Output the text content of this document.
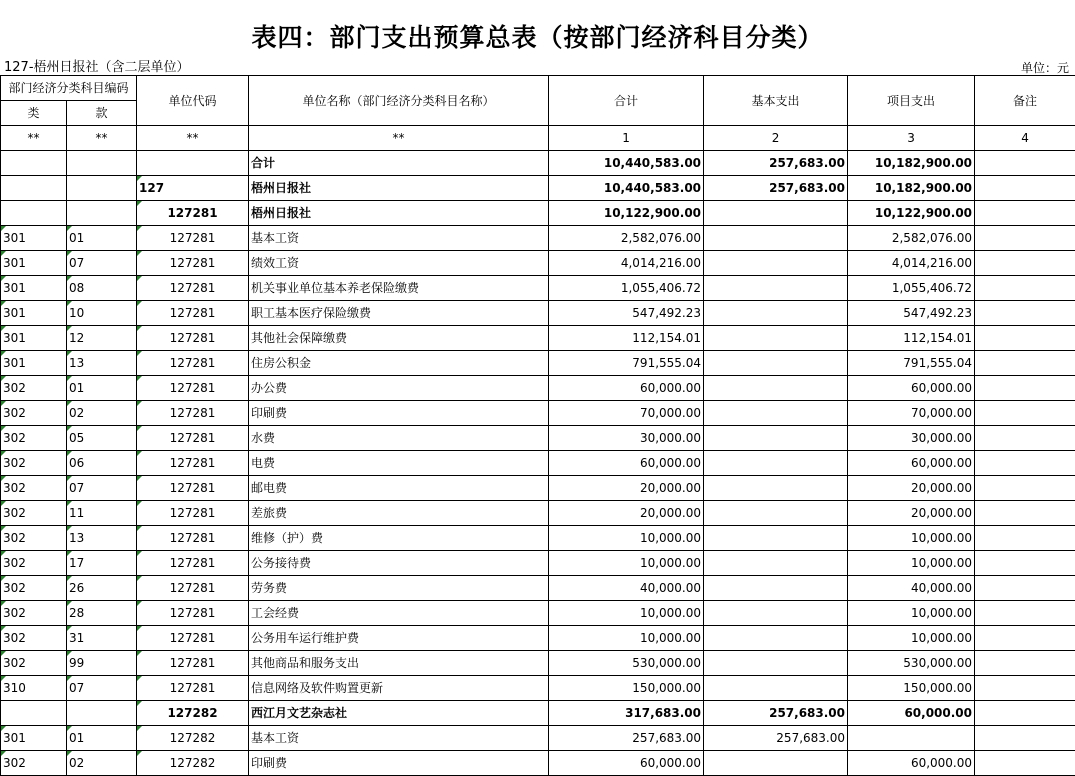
表四：部门支出预算总表（按部门经济科目分类）
127-梧州日报社（含二层单位）	单位：元
部门经济分类科目编码		单位代码	单位名称（部门经济分类科目名称）	合计	基本支出	项目支出	备注
类	款						
**	**	**	**	1	2	3	4
			合计	10,440,583.00	257,683.00	10,182,900.00	
		127	梧州日报社	10,440,583.00	257,683.00	10,182,900.00	
		127281	梧州日报社	10,122,900.00		10,122,900.00	
301	01	127281	基本工资	2,582,076.00		2,582,076.00	
301	07	127281	绩效工资	4,014,216.00		4,014,216.00	
301	08	127281	机关事业单位基本养老保险缴费	1,055,406.72		1,055,406.72	
301	10	127281	职工基本医疗保险缴费	547,492.23		547,492.23	
301	12	127281	其他社会保障缴费	112,154.01		112,154.01	
301	13	127281	住房公积金	791,555.04		791,555.04	
302	01	127281	办公费	60,000.00		60,000.00	
302	02	127281	印刷费	70,000.00		70,000.00	
302	05	127281	水费	30,000.00		30,000.00	
302	06	127281	电费	60,000.00		60,000.00	
302	07	127281	邮电费	20,000.00		20,000.00	
302	11	127281	差旅费	20,000.00		20,000.00	
302	13	127281	维修（护）费	10,000.00		10,000.00	
302	17	127281	公务接待费	10,000.00		10,000.00	
302	26	127281	劳务费	40,000.00		40,000.00	
302	28	127281	工会经费	10,000.00		10,000.00	
302	31	127281	公务用车运行维护费	10,000.00		10,000.00	
302	99	127281	其他商品和服务支出	530,000.00		530,000.00	
310	07	127281	信息网络及软件购置更新	150,000.00		150,000.00	
		127282	西江月文艺杂志社	317,683.00	257,683.00	60,000.00	
301	01	127282	基本工资	257,683.00	257,683.00		
302	02	127282	印刷费	60,000.00		60,000.00	
